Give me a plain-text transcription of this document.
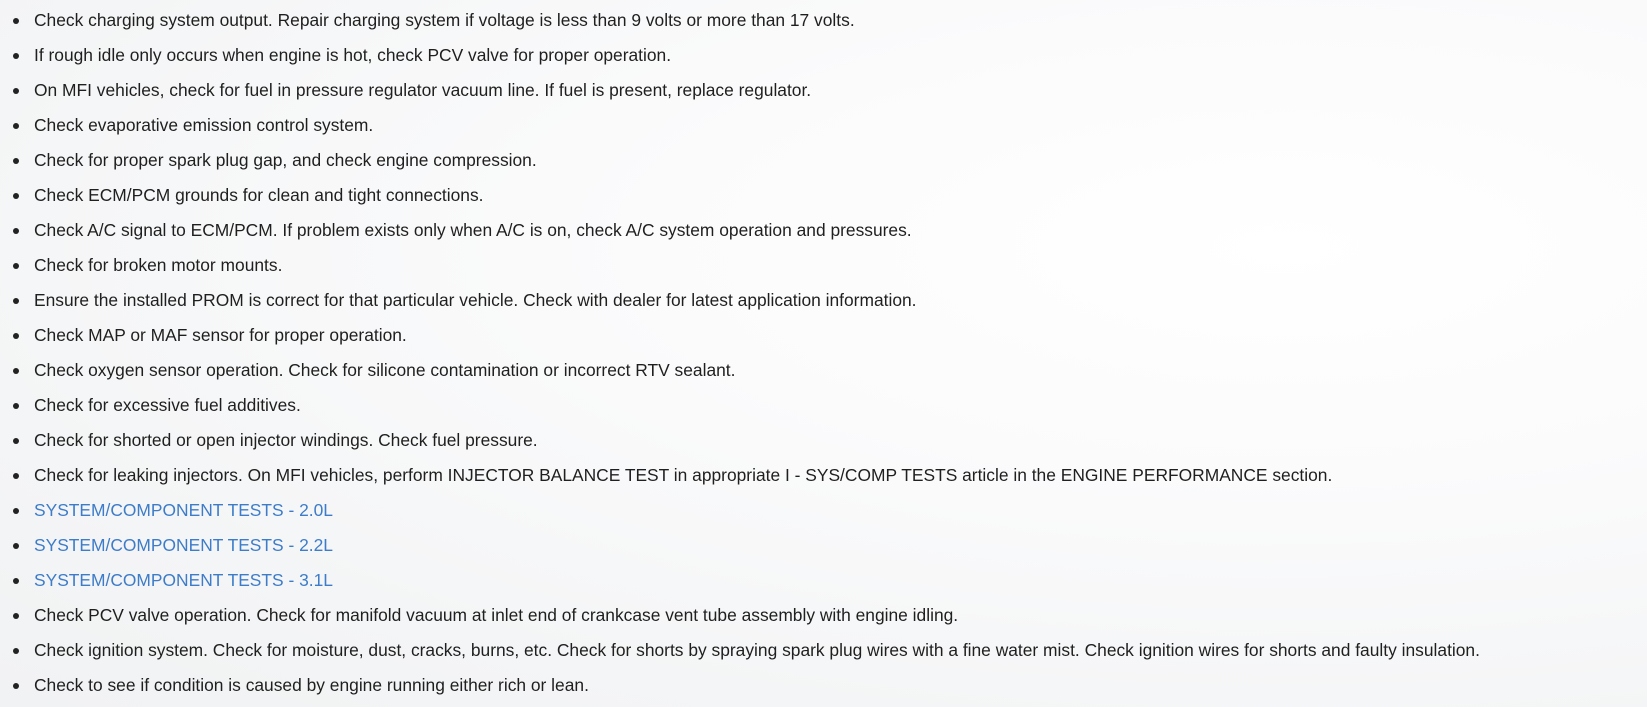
Check charging system output. Repair charging system if voltage is less than 9 volts or more than 17 volts.
If rough idle only occurs when engine is hot, check PCV valve for proper operation.
On MFI vehicles, check for fuel in pressure regulator vacuum line. If fuel is present, replace regulator.
Check evaporative emission control system.
Check for proper spark plug gap, and check engine compression.
Check ECM/PCM grounds for clean and tight connections.
Check A/C signal to ECM/PCM. If problem exists only when A/C is on, check A/C system operation and pressures.
Check for broken motor mounts.
Ensure the installed PROM is correct for that particular vehicle. Check with dealer for latest application information.
Check MAP or MAF sensor for proper operation.
Check oxygen sensor operation. Check for silicone contamination or incorrect RTV sealant.
Check for excessive fuel additives.
Check for shorted or open injector windings. Check fuel pressure.
Check for leaking injectors. On MFI vehicles, perform INJECTOR BALANCE TEST in appropriate I - SYS/COMP TESTS article in the ENGINE PERFORMANCE section.
SYSTEM/COMPONENT TESTS - 2.0L
SYSTEM/COMPONENT TESTS - 2.2L
SYSTEM/COMPONENT TESTS - 3.1L
Check PCV valve operation. Check for manifold vacuum at inlet end of crankcase vent tube assembly with engine idling.
Check ignition system. Check for moisture, dust, cracks, burns, etc. Check for shorts by spraying spark plug wires with a fine water mist. Check ignition wires for shorts and faulty insulation.
Check to see if condition is caused by engine running either rich or lean.
